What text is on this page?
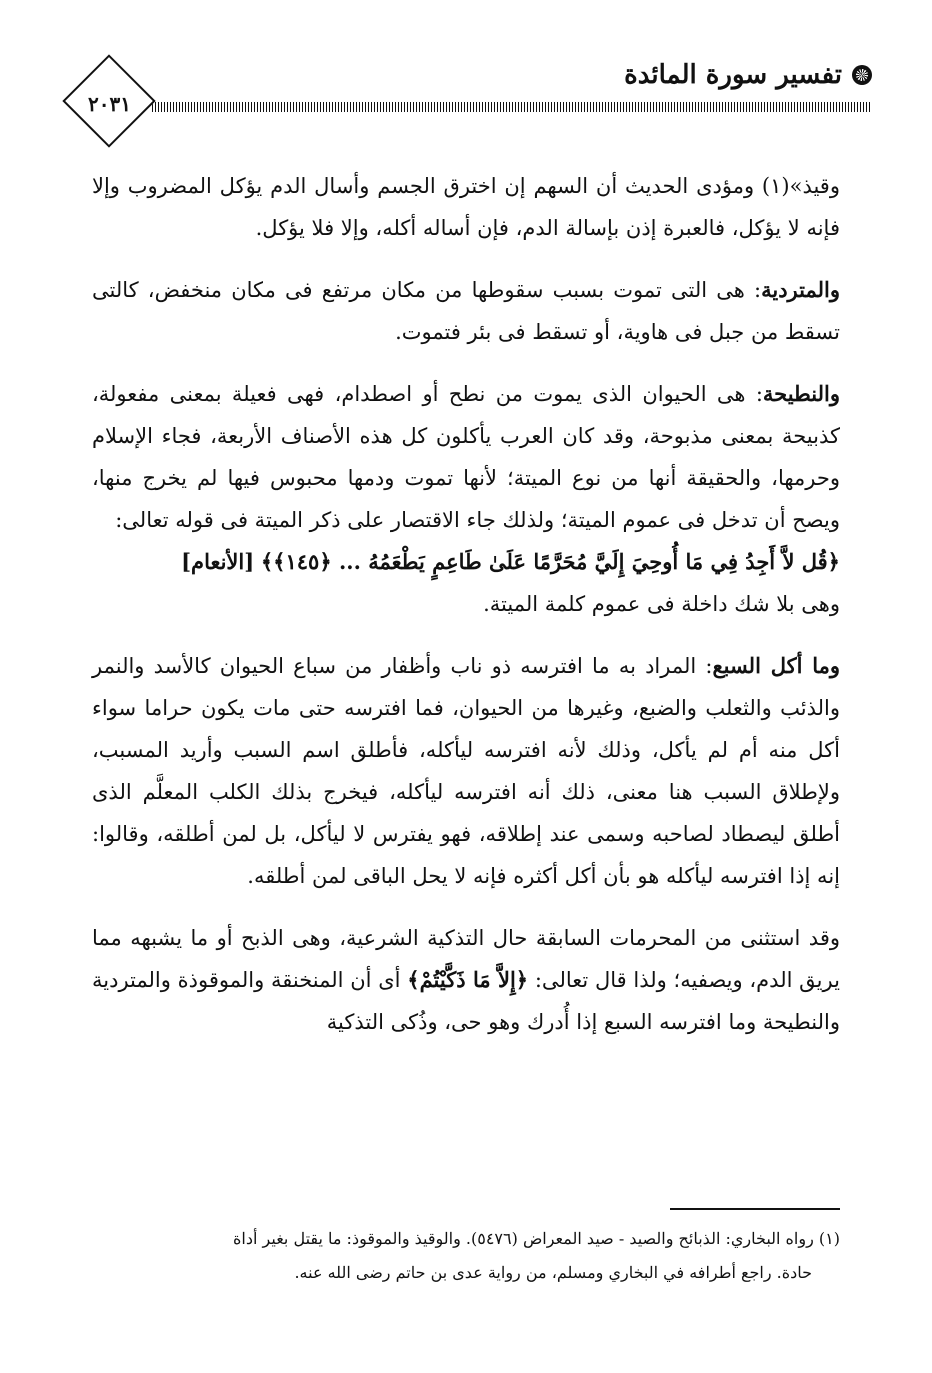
تفسير سورة المائدة
٢٠٣١

وقيذ»(١) ومؤدى الحديث أن السهم إن اخترق الجسم وأسال الدم يؤكل المضروب وإلا فإنه لا يؤكل، فالعبرة إذن بإسالة الدم، فإن أساله أكله، وإلا فلا يؤكل.

والمتردية: هى التى تموت بسبب سقوطها من مكان مرتفع فى مكان منخفض، كالتى تسقط من جبل فى هاوية، أو تسقط فى بئر فتموت.

والنطيحة: هى الحيوان الذى يموت من نطح أو اصطدام، فهى فعيلة بمعنى مفعولة، كذبيحة بمعنى مذبوحة، وقد كان العرب يأكلون كل هذه الأصناف الأربعة، فجاء الإسلام وحرمها، والحقيقة أنها من نوع الميتة؛ لأنها تموت ودمها محبوس فيها لم يخرج منها، ويصح أن تدخل فى عموم الميتة؛ ولذلك جاء الاقتصار على ذكر الميتة فى قوله تعالى:

﴿قُل لاَّ أَجِدُ فِي مَا أُوحِيَ إِلَيَّ مُحَرَّمًا عَلَىٰ طَاعِمٍ يَطْعَمُهُ ... ﴿١٤٥﴾﴾ [الأنعام]

وهى بلا شك داخلة فى عموم كلمة الميتة.

وما أكل السبع: المراد به ما افترسه ذو ناب وأظفار من سباع الحيوان كالأسد والنمر والذئب والثعلب والضبع، وغيرها من الحيوان، فما افترسه حتى مات يكون حراما سواء أكل منه أم لم يأكل، وذلك لأنه افترسه ليأكله، فأطلق اسم السبب وأريد المسبب، ولإطلاق السبب هنا معنى، ذلك أنه افترسه ليأكله، فيخرج بذلك الكلب المعلَّم الذى أطلق ليصطاد لصاحبه وسمى عند إطلاقه، فهو يفترس لا ليأكل، بل لمن أطلقه، وقالوا: إنه إذا افترسه ليأكله هو بأن أكل أكثره فإنه لا يحل الباقى لمن أطلقه.

وقد استثنى من المحرمات السابقة حال التذكية الشرعية، وهى الذبح أو ما يشبهه مما يريق الدم، ويصفيه؛ ولذا قال تعالى: ﴿إِلاَّ مَا ذَكَّيْتُمْ﴾ أى أن المنخنقة والموقوذة والمتردية والنطيحة وما افترسه السبع إذا أُدرك وهو حى، وذُكى التذكية

(١) رواه البخاري: الذبائح والصيد - صيد المعراض (٥٤٧٦). والوقيذ والموقوذ: ما يقتل بغير أداة
حادة. راجع أطرافه في البخاري ومسلم، من رواية عدى بن حاتم رضى الله عنه.
